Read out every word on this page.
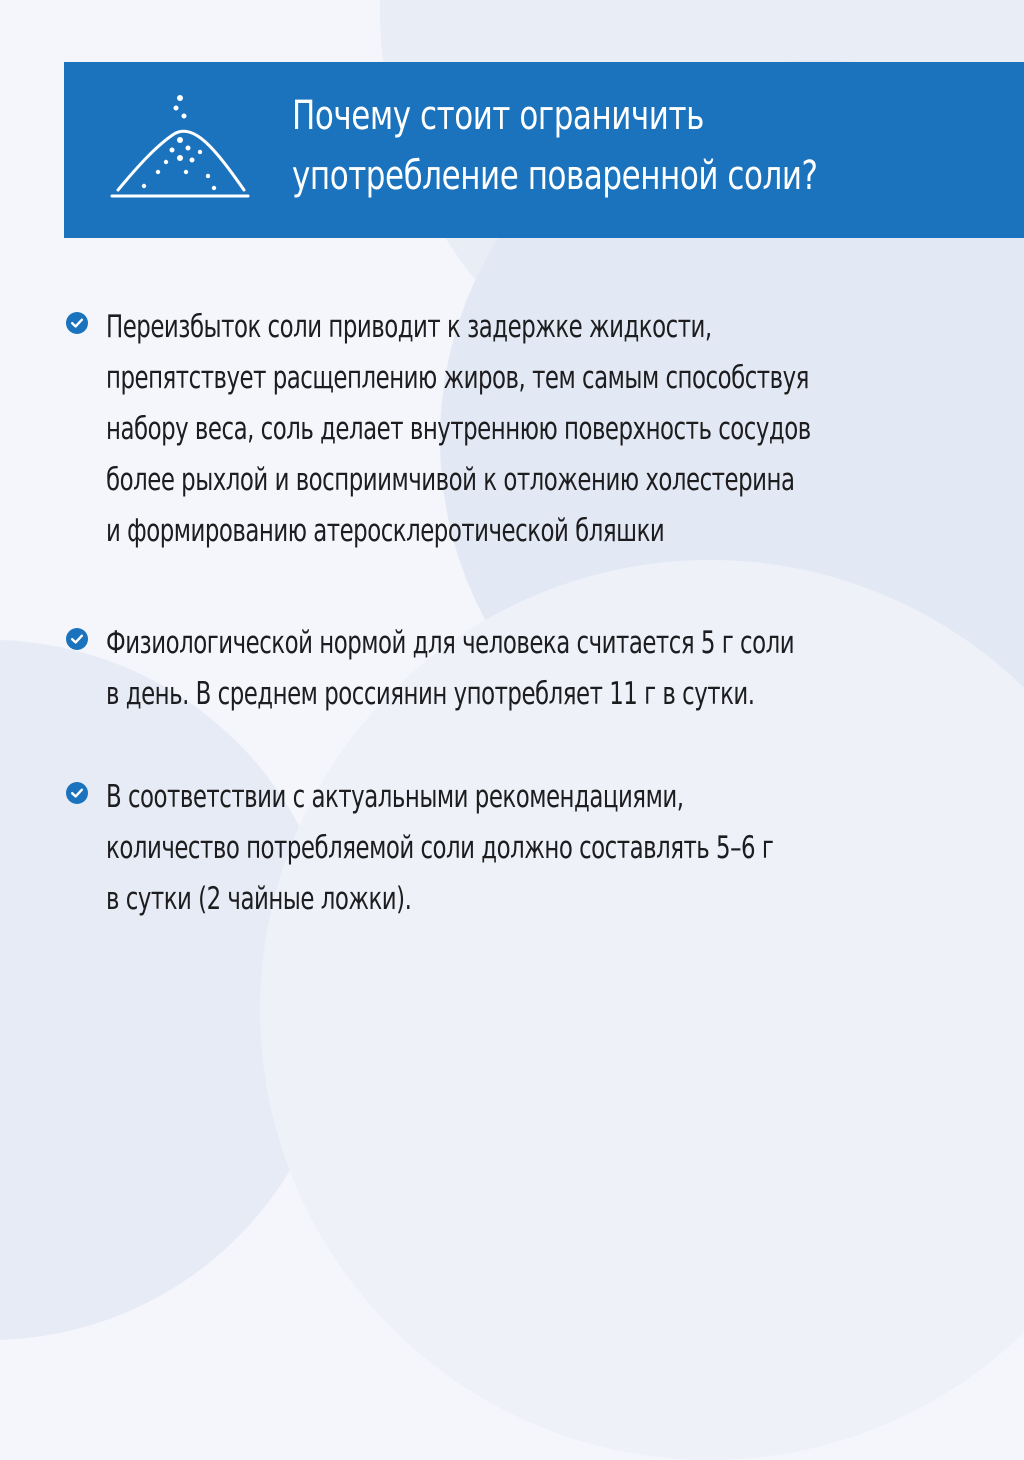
Почему стоит ограничить
употребление поваренной соли?
Переизбыток соли приводит к задержке жидкости,
препятствует расщеплению жиров, тем самым способствуя
набору веса, соль делает внутреннюю поверхность сосудов
более рыхлой и восприимчивой к отложению холестерина
и формированию атеросклеротической бляшки
Физиологической нормой для человека считается 5 г соли
в день. В среднем россиянин употребляет 11 г в сутки.
В соответствии с актуальными рекомендациями,
количество потребляемой соли должно составлять 5–6 г
в сутки (2 чайные ложки).
